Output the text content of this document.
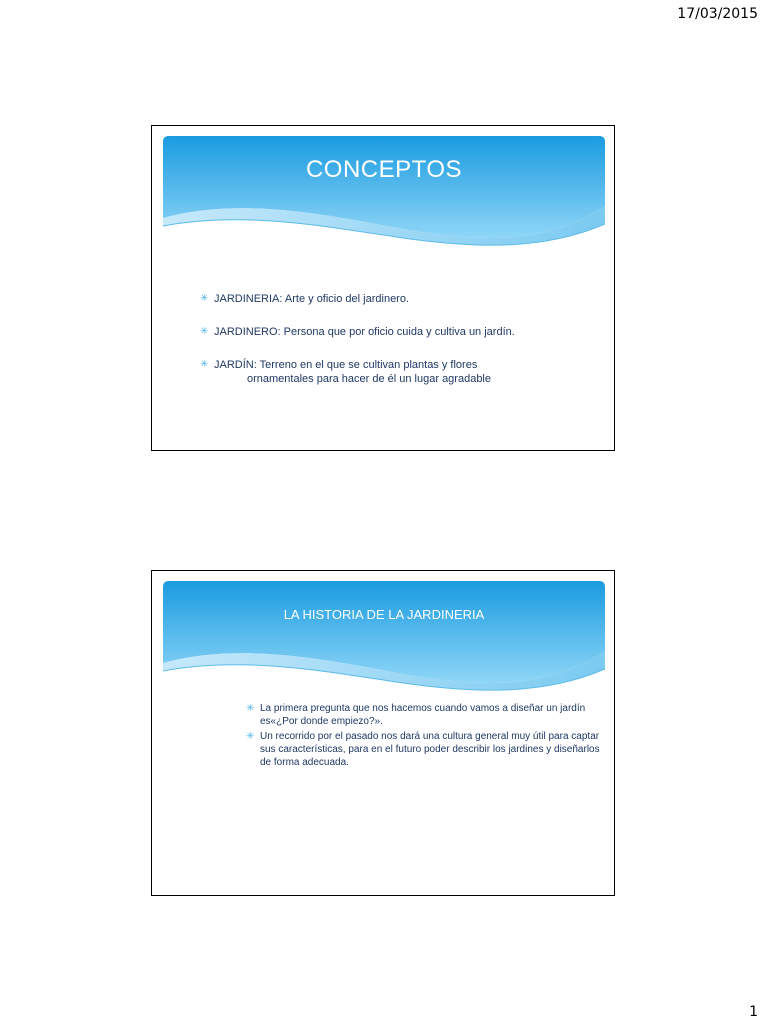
17/03/2015
CONCEPTOS
✳ JARDINERIA: Arte y oficio del jardinero.
✳ JARDINERO: Persona que por oficio cuida y cultiva un jardín.
✳ JARDÍN: Terreno en el que se cultivan plantas y flores
ornamentales para hacer de él un lugar agradable
LA HISTORIA DE LA JARDINERIA
✳ La primera pregunta que nos hacemos cuando vamos a diseñar un jardín es«¿Por donde empiezo?».
✳ Un recorrido por el pasado nos dará una cultura general muy útil para captar sus características, para en el futuro poder describir los jardines y diseñarlos de forma adecuada.
1
